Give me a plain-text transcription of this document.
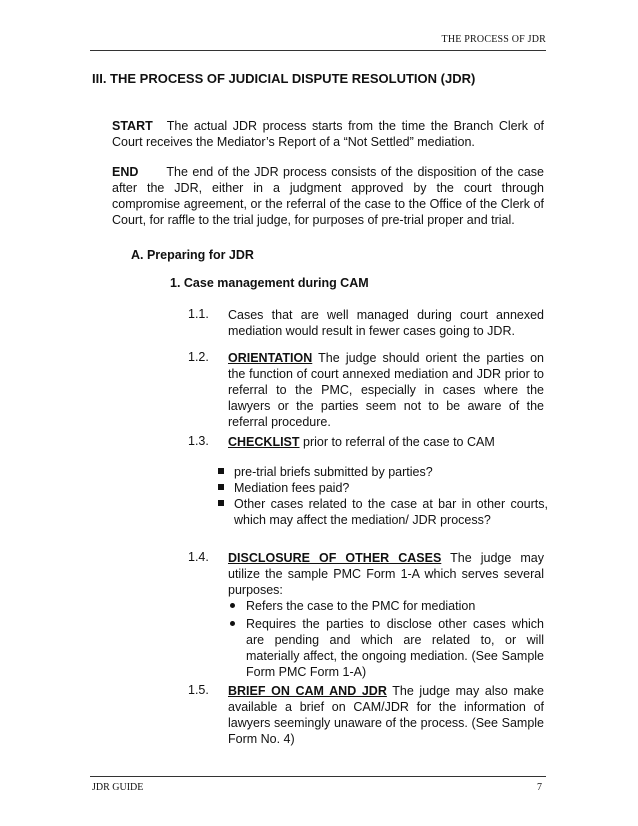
THE PROCESS OF JDR
III. THE PROCESS OF JUDICIAL DISPUTE RESOLUTION (JDR)
START The actual JDR process starts from the time the Branch Clerk of Court receives the Mediator’s Report of a “Not Settled” mediation.
END The end of the JDR process consists of the disposition of the case after the JDR, either in a judgment approved by the court through compromise agreement, or the referral of the case to the Office of the Clerk of Court, for raffle to the trial judge, for purposes of pre-trial proper and trial.
A. Preparing for JDR
1. Case management during CAM
1.1. Cases that are well managed during court annexed mediation would result in fewer cases going to JDR.
1.2. ORIENTATION The judge should orient the parties on the function of court annexed mediation and JDR prior to referral to the PMC, especially in cases where the lawyers or the parties seem not to be aware of the referral procedure.
1.3. CHECKLIST prior to referral of the case to CAM
pre-trial briefs submitted by parties?
Mediation fees paid?
Other cases related to the case at bar in other courts, which may affect the mediation/ JDR process?
1.4. DISCLOSURE OF OTHER CASES The judge may utilize the sample PMC Form 1-A which serves several purposes:
Refers the case to the PMC for mediation
Requires the parties to disclose other cases which are pending and which are related to, or will materially affect, the ongoing mediation. (See Sample Form PMC Form 1-A)
1.5. BRIEF ON CAM AND JDR The judge may also make available a brief on CAM/JDR for the information of lawyers seemingly unaware of the process. (See Sample Form No. 4)
JDR GUIDE	7
